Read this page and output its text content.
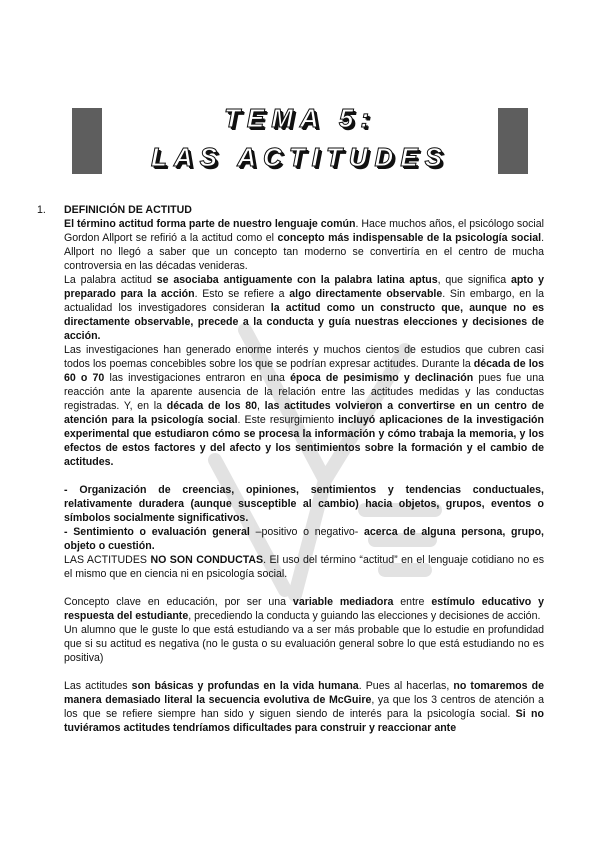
TEMA 5:
LAS ACTITUDES
1. DEFINICIÓN DE ACTITUD

El término actitud forma parte de nuestro lenguaje común. Hace muchos años, el psicólogo social Gordon Allport se refirió a la actitud como el concepto más indispensable de la psicología social. Allport no llegó a saber que un concepto tan moderno se convertiría en el centro de mucha controversia en las décadas venideras.

La palabra actitud se asociaba antiguamente con la palabra latina aptus, que significa apto y preparado para la acción. Esto se refiere a algo directamente observable. Sin embargo, en la actualidad los investigadores consideran la actitud como un constructo que, aunque no es directamente observable, precede a la conducta y guía nuestras elecciones y decisiones de acción.

Las investigaciones han generado enorme interés y muchos cientos de estudios que cubren casi todos los poemas concebibles sobre los que se podrían expresar actitudes. Durante la década de los 60 o 70 las investigaciones entraron en una época de pesimismo y declinación pues fue una reacción ante la aparente ausencia de la relación entre las actitudes medidas y las conductas registradas. Y, en la década de los 80, las actitudes volvieron a convertirse en un centro de atención para la psicología social. Este resurgimiento incluyó aplicaciones de la investigación experimental que estudiaron cómo se procesa la información y cómo trabaja la memoria, y los efectos de estos factores y del afecto y los sentimientos sobre la formación y el cambio de actitudes.

- Organización de creencias, opiniones, sentimientos y tendencias conductuales, relativamente duradera (aunque susceptible al cambio) hacia objetos, grupos, eventos o símbolos socialmente significativos.

- Sentimiento o evaluación general –positivo o negativo- acerca de alguna persona, grupo, objeto o cuestión.

LAS ACTITUDES NO SON CONDUCTAS. El uso del término “actitud” en el lenguaje cotidiano no es el mismo que en ciencia ni en psicología social.

Concepto clave en educación, por ser una variable mediadora entre estímulo educativo y respuesta del estudiante, precediendo la conducta y guiando las elecciones y decisiones de acción.

Un alumno que le guste lo que está estudiando va a ser más probable que lo estudie en profundidad que si su actitud es negativa (no le gusta o su evaluación general sobre lo que está estudiando no es positiva)

Las actitudes son básicas y profundas en la vida humana. Pues al hacerlas, no tomaremos de manera demasiado literal la secuencia evolutiva de McGuire, ya que los 3 centros de atención a los que se refiere siempre han sido y siguen siendo de interés para la psicología social. Si no tuviéramos actitudes tendríamos dificultades para construir y reaccionar ante
